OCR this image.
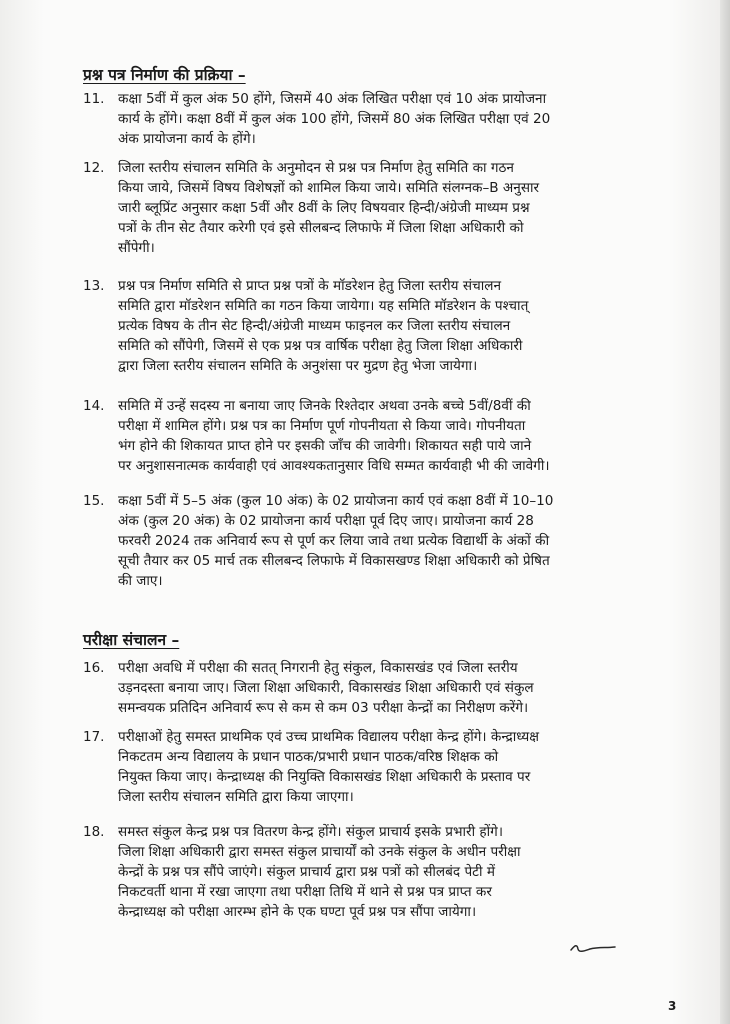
प्रश्न पत्र निर्माण की प्रक्रिया –
11. कक्षा 5वीं में कुल अंक 50 होंगे, जिसमें 40 अंक लिखित परीक्षा एवं 10 अंक प्रायोजना
कार्य के होंगे। कक्षा 8वीं में कुल अंक 100 होंगे, जिसमें 80 अंक लिखित परीक्षा एवं 20
अंक प्रायोजना कार्य के होंगे।
12. जिला स्तरीय संचालन समिति के अनुमोदन से प्रश्न पत्र निर्माण हेतु समिति का गठन
किया जाये, जिसमें विषय विशेषज्ञों को शामिल किया जाये। समिति संलग्नक–B अनुसार
जारी ब्लूप्रिंट अनुसार कक्षा 5वीं और 8वीं के लिए विषयवार हिन्दी/अंग्रेजी माध्यम प्रश्न
पत्रों के तीन सेट तैयार करेगी एवं इसे सीलबन्द लिफाफे में जिला शिक्षा अधिकारी को
सौंपेगी।
13. प्रश्न पत्र निर्माण समिति से प्राप्त प्रश्न पत्रों के मॉडरेशन हेतु जिला स्तरीय संचालन
समिति द्वारा मॉडरेशन समिति का गठन किया जायेगा। यह समिति मॉडरेशन के पश्चात्
प्रत्येक विषय के तीन सेट हिन्दी/अंग्रेजी माध्यम फाइनल कर जिला स्तरीय संचालन
समिति को सौंपेगी, जिसमें से एक प्रश्न पत्र वार्षिक परीक्षा हेतु जिला शिक्षा अधिकारी
द्वारा जिला स्तरीय संचालन समिति के अनुशंसा पर मुद्रण हेतु भेजा जायेगा।
14. समिति में उन्हें सदस्य ना बनाया जाए जिनके रिश्तेदार अथवा उनके बच्चे 5वीं/8वीं की
परीक्षा में शामिल होंगे। प्रश्न पत्र का निर्माण पूर्ण गोपनीयता से किया जावे। गोपनीयता
भंग होने की शिकायत प्राप्त होने पर इसकी जाँच की जावेगी। शिकायत सही पाये जाने
पर अनुशासनात्मक कार्यवाही एवं आवश्यकतानुसार विधि सम्मत कार्यवाही भी की जावेगी।
15. कक्षा 5वीं में 5–5 अंक (कुल 10 अंक) के 02 प्रायोजना कार्य एवं कक्षा 8वीं में 10–10
अंक (कुल 20 अंक) के 02 प्रायोजना कार्य परीक्षा पूर्व दिए जाए। प्रायोजना कार्य 28
फरवरी 2024 तक अनिवार्य रूप से पूर्ण कर लिया जावे तथा प्रत्येक विद्यार्थी के अंकों की
सूची तैयार कर 05 मार्च तक सीलबन्द लिफाफे में विकासखण्ड शिक्षा अधिकारी को प्रेषित
की जाए।
परीक्षा संचालन –
16. परीक्षा अवधि में परीक्षा की सतत् निगरानी हेतु संकुल, विकासखंड एवं जिला स्तरीय
उड़नदस्ता बनाया जाए। जिला शिक्षा अधिकारी, विकासखंड शिक्षा अधिकारी एवं संकुल
समन्वयक प्रतिदिन अनिवार्य रूप से कम से कम 03 परीक्षा केन्द्रों का निरीक्षण करेंगे।
17. परीक्षाओं हेतु समस्त प्राथमिक एवं उच्च प्राथमिक विद्यालय परीक्षा केन्द्र होंगे। केन्द्राध्यक्ष
निकटतम अन्य विद्यालय के प्रधान पाठक/प्रभारी प्रधान पाठक/वरिष्ठ शिक्षक को
नियुक्त किया जाए। केन्द्राध्यक्ष की नियुक्ति विकासखंड शिक्षा अधिकारी के प्रस्ताव पर
जिला स्तरीय संचालन समिति द्वारा किया जाएगा।
18. समस्त संकुल केन्द्र प्रश्न पत्र वितरण केन्द्र होंगे। संकुल प्राचार्य इसके प्रभारी होंगे।
जिला शिक्षा अधिकारी द्वारा समस्त संकुल प्राचार्यों को उनके संकुल के अधीन परीक्षा
केन्द्रों के प्रश्न पत्र सौंपे जाएंगे। संकुल प्राचार्य द्वारा प्रश्न पत्रों को सीलबंद पेटी में
निकटवर्ती थाना में रखा जाएगा तथा परीक्षा तिथि में थाने से प्रश्न पत्र प्राप्त कर
केन्द्राध्यक्ष को परीक्षा आरम्भ होने के एक घण्टा पूर्व प्रश्न पत्र सौंपा जायेगा।
3
